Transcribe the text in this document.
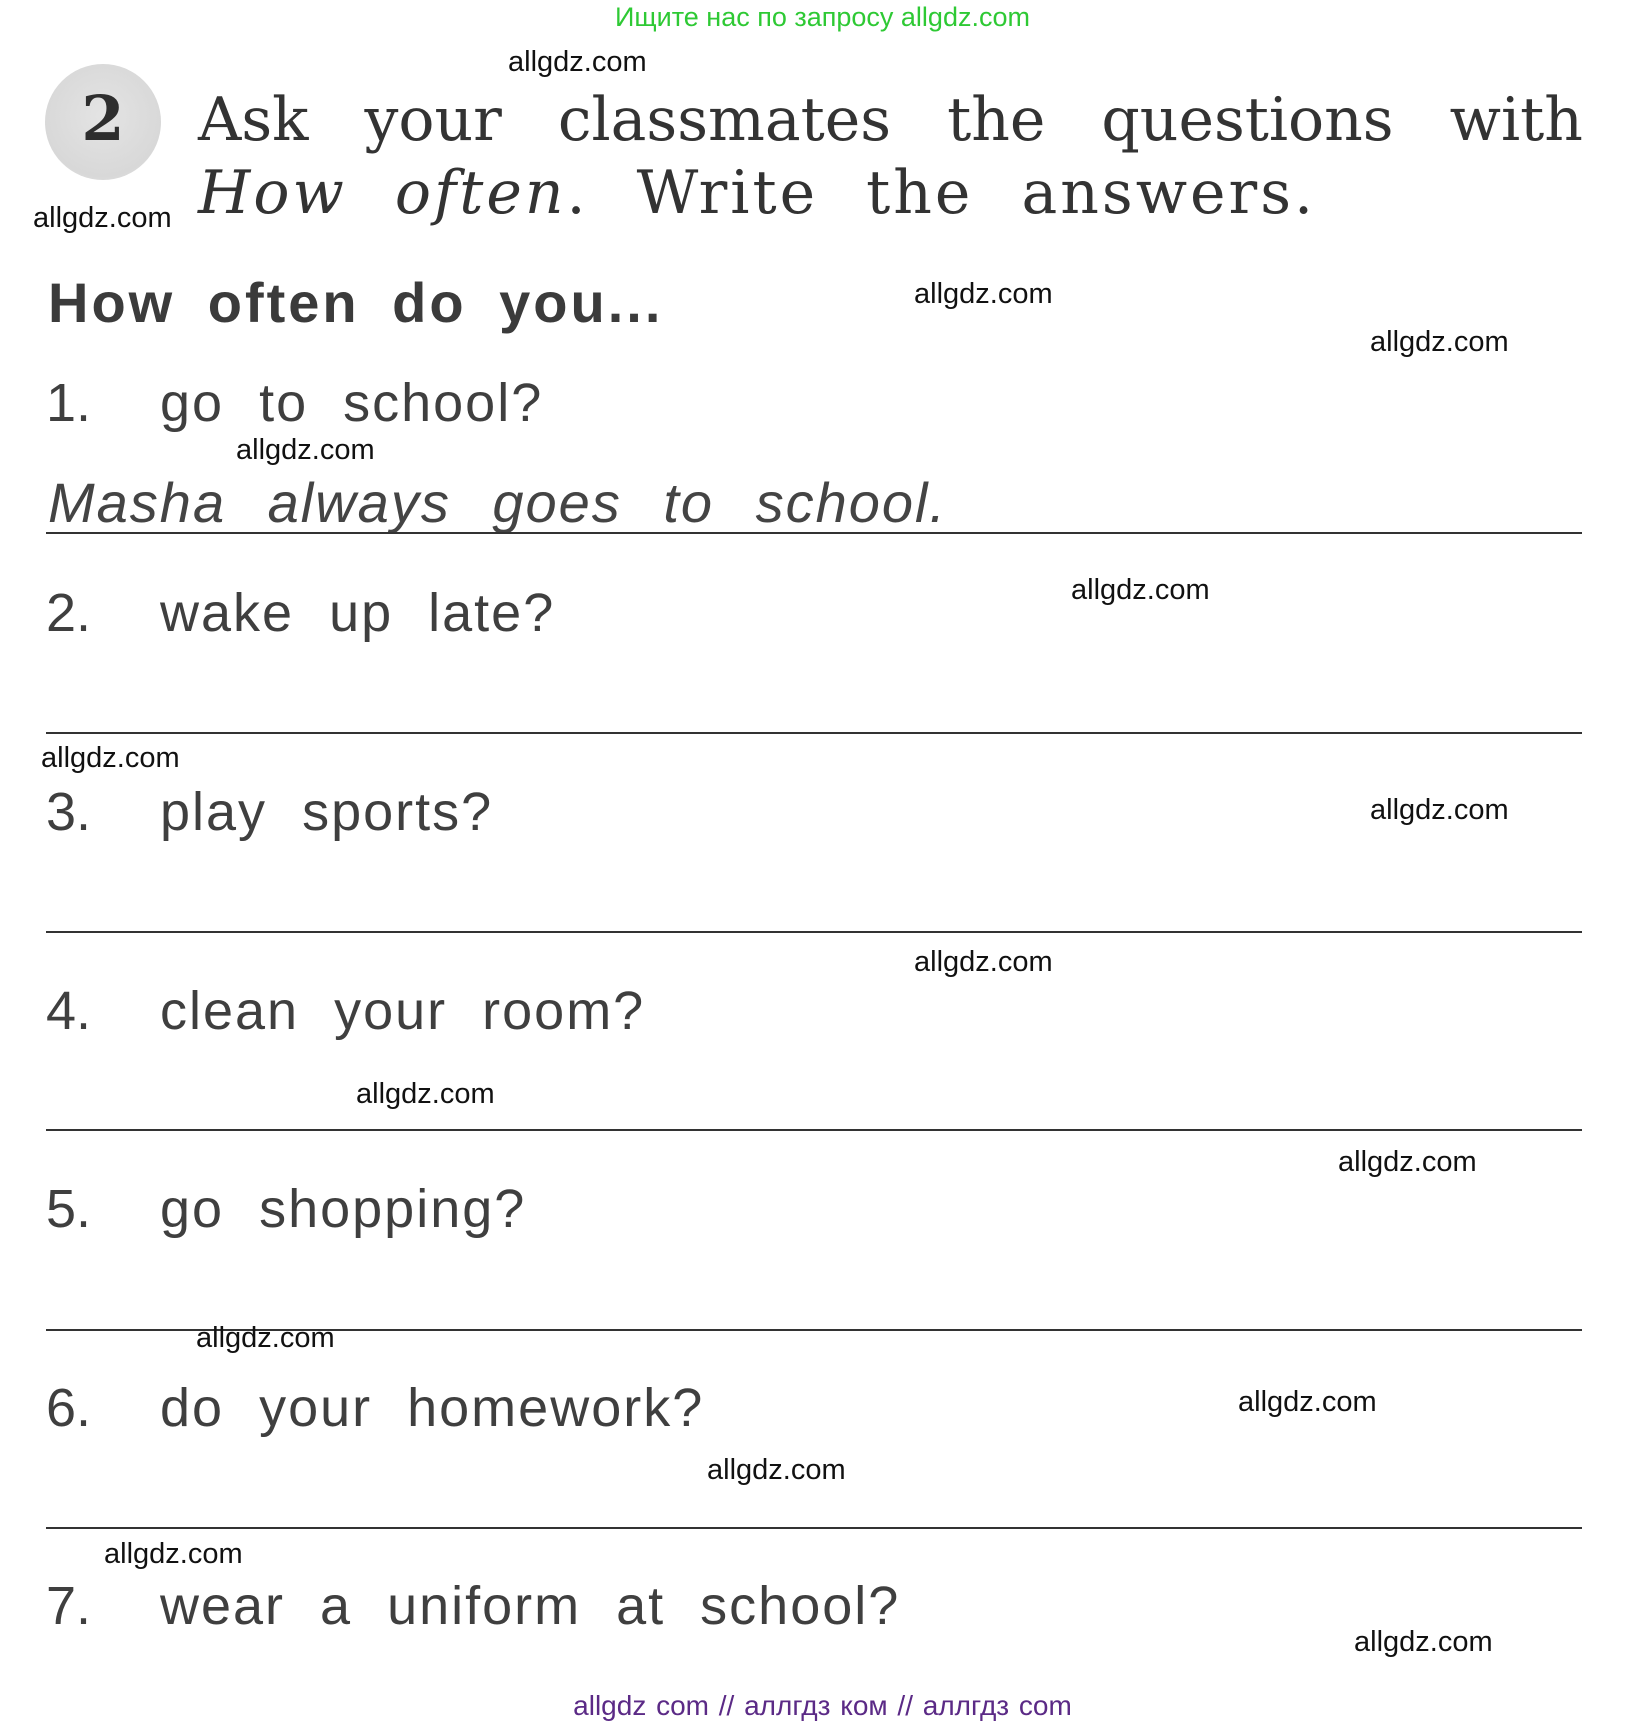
Ищите нас по запросу allgdz.com
allgdz com // аллгдз ком // аллгдз com
2	Ask your classmates the questions with
How often. Write the answers.
How often do you...
1. go to school?
Masha always goes to school.
2. wake up late?
3. play sports?
4. clean your room?
5. go shopping?
6. do your homework?
7. wear a uniform at school?
allgdz.com
allgdz.com
allgdz.com
allgdz.com
allgdz.com
allgdz.com
allgdz.com
allgdz.com
allgdz.com
allgdz.com
allgdz.com
allgdz.com
allgdz.com
allgdz.com
allgdz.com
allgdz.com
